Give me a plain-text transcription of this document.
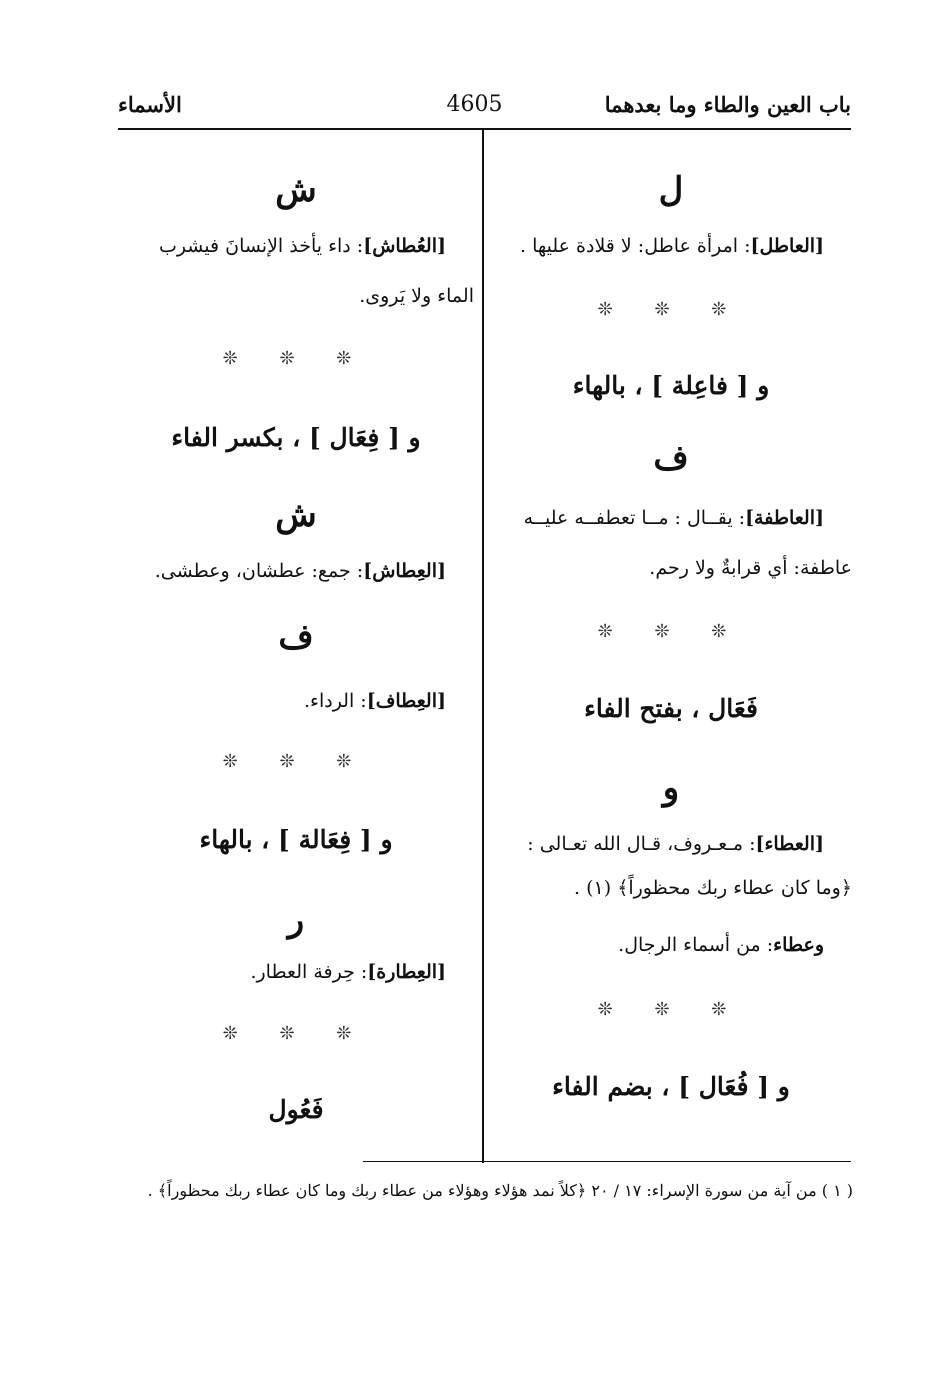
باب العين والطاء وما بعدهما
4605
الأسماء
ل
[العاطل]: امرأة عاطل: لا قلادة عليها .
❊ ❊ ❊
و [ فاعِلة ] ، بالهاء
ف
[العاطفة]: يقــال : مــا تعطفــه عليــه
عاطفة: أي قرابةٌ ولا رحم.
❊ ❊ ❊
فَعَال ، بفتح الفاء
و
[العطاء]: مـعـروف، قـال الله تعـالى :
﴿وما كان عطاء ربك محظوراً﴾ (١) .
وعطاء: من أسماء الرجال.
❊ ❊ ❊
و [ فُعَال ] ، بضم الفاء
ش
[العُطاش]: داء يأخذ الإنسانَ فيشرب
الماء ولا يَروى.
❊ ❊ ❊
و [ فِعَال ] ، بكسر الفاء
ش
[العِطاش]: جمع: عطشان، وعطشى.
ف
[العِطاف]: الرداء.
❊ ❊ ❊
و [ فِعَالة ] ، بالهاء
ر
[العِطارة]: حِرفة العطار.
❊ ❊ ❊
فَعُول
( ١ ) من آية من سورة الإسراء: ١٧ / ٢٠ ﴿كلاً نمد هؤلاء وهؤلاء من عطاء ربك وما كان عطاء ربك محظوراً﴾ .
